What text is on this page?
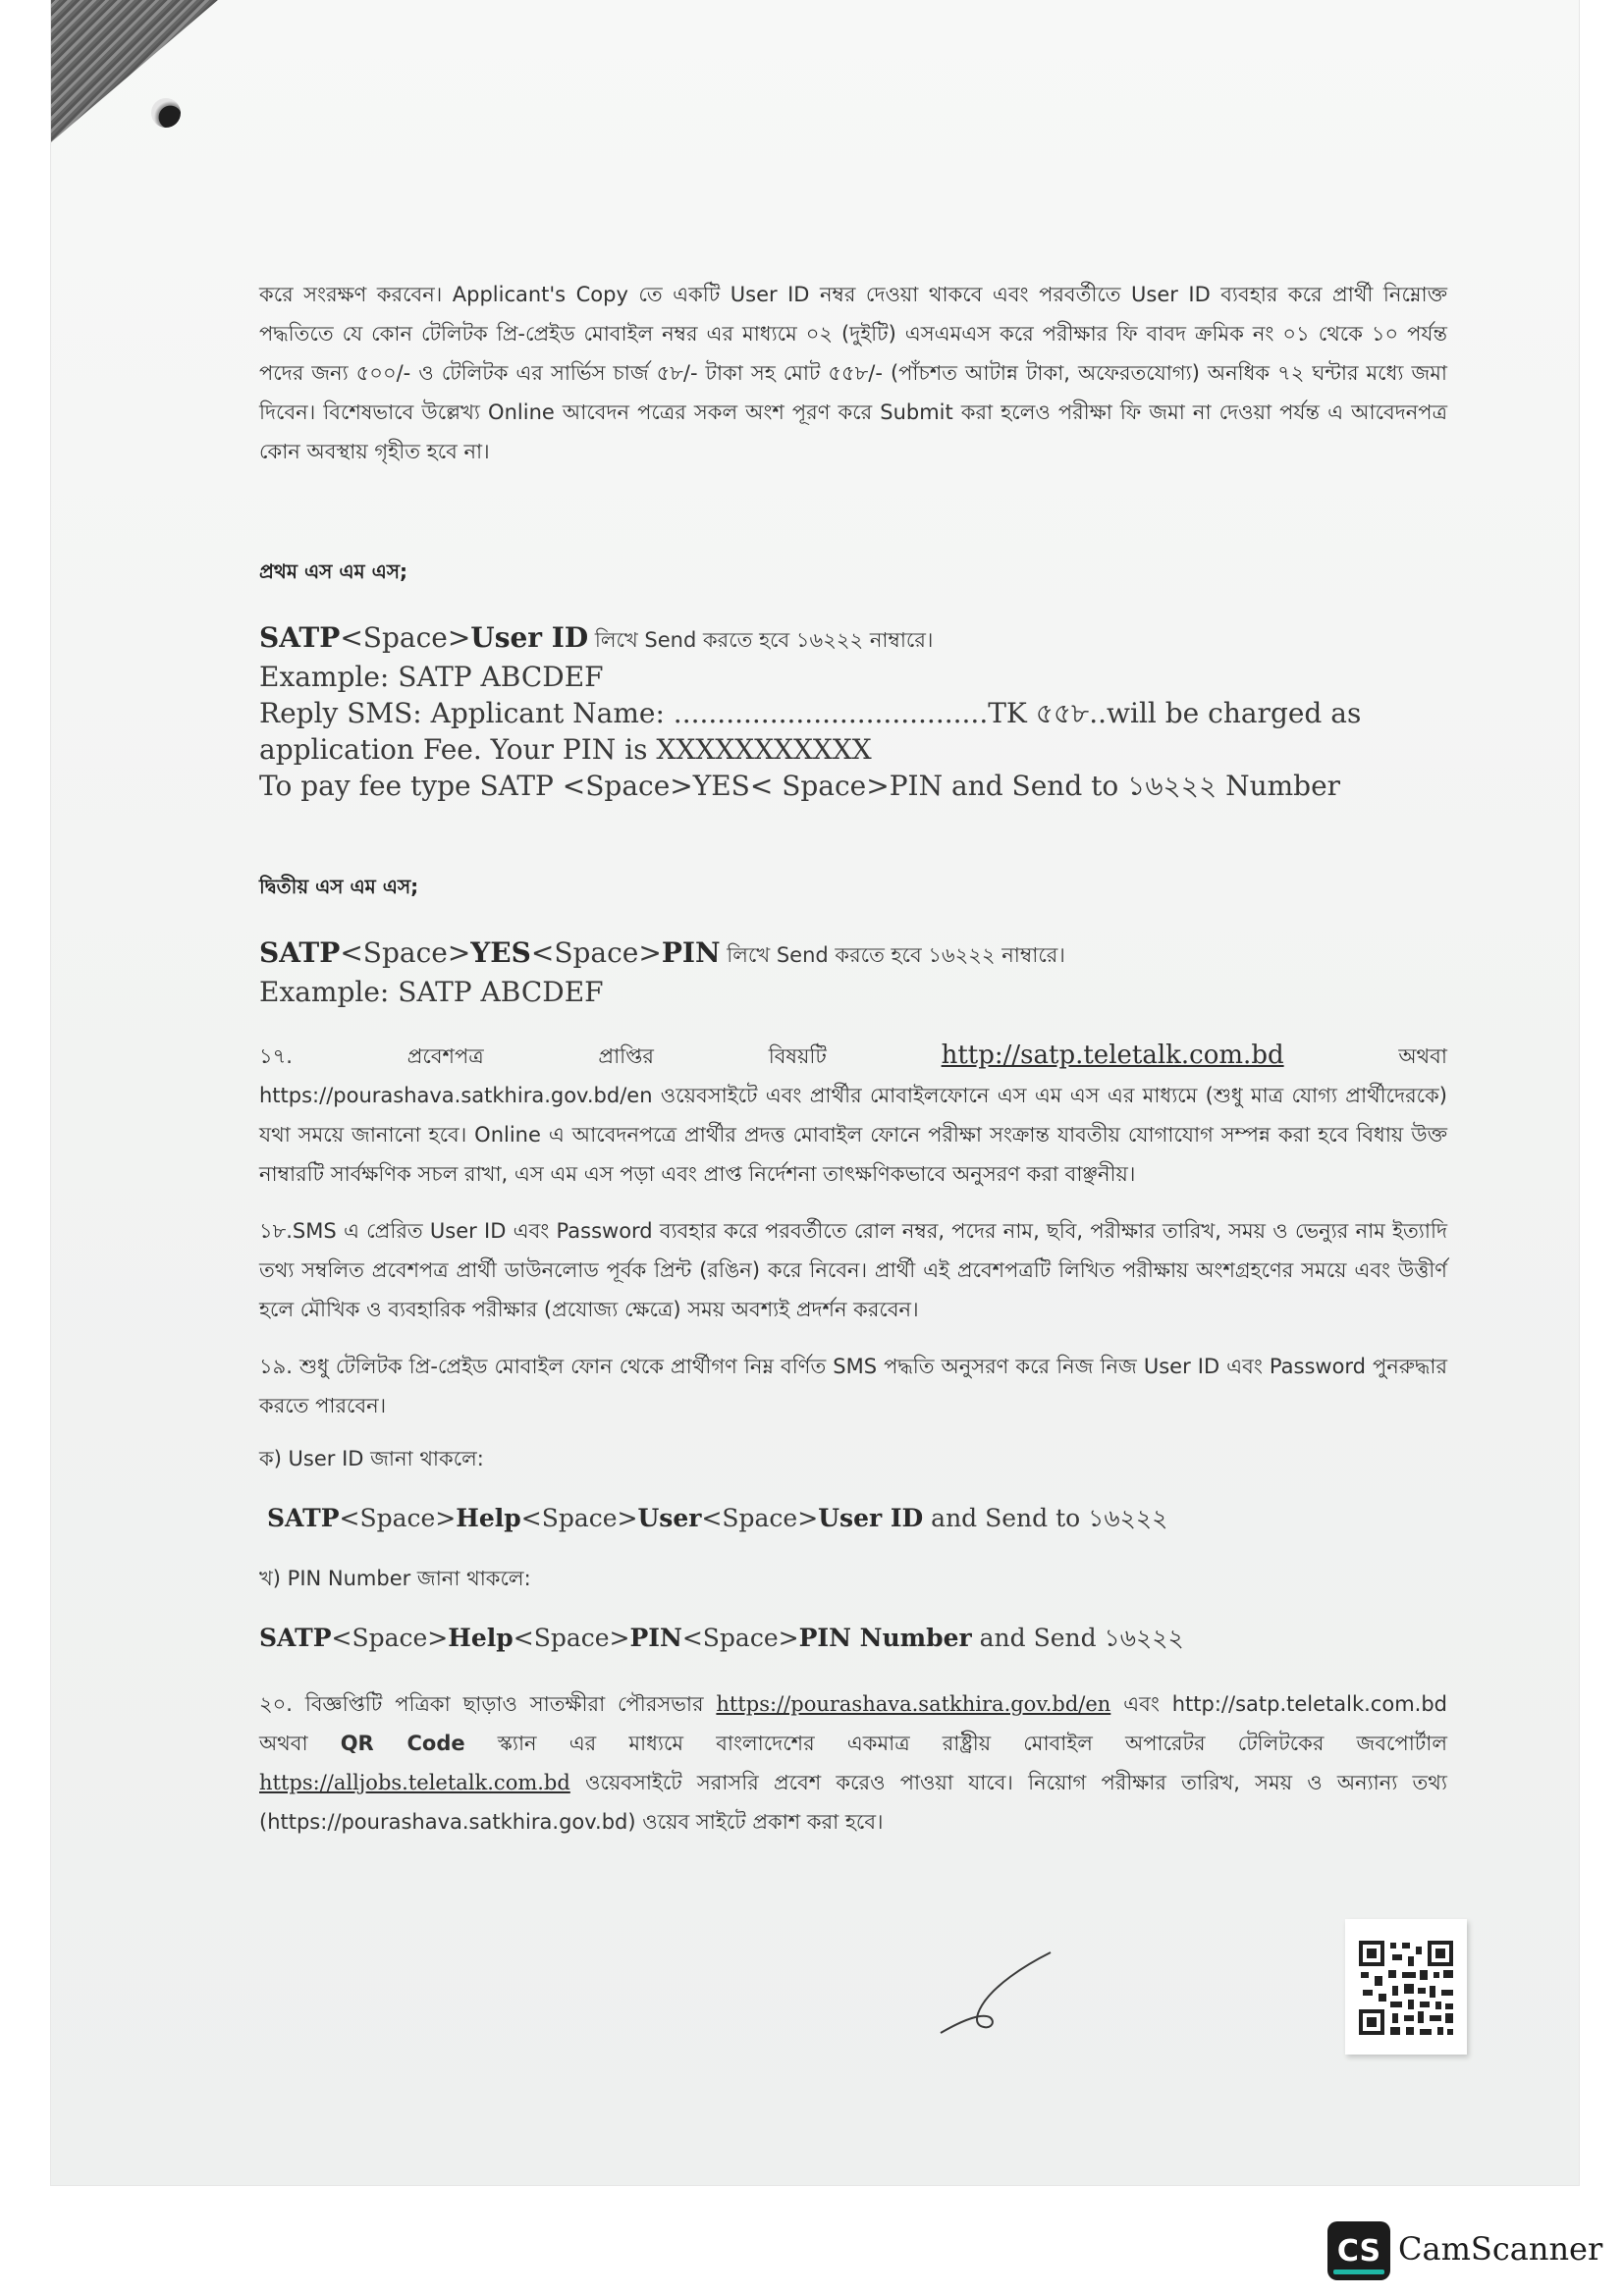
করে সংরক্ষণ করবেন। Applicant's Copy তে একটি User ID নম্বর দেওয়া থাকবে এবং পরবর্তীতে User ID ব্যবহার করে প্রার্থী নিম্নোক্ত পদ্ধতিতে যে কোন টেলিটক প্রি-প্রেইড মোবাইল নম্বর এর মাধ্যমে ০২ (দুইটি) এসএমএস করে পরীক্ষার ফি বাবদ ক্রমিক নং ০১ থেকে ১০ পর্যন্ত পদের জন্য ৫০০/- ও টেলিটক এর সার্ভিস চার্জ ৫৮/- টাকা সহ মোট ৫৫৮/- (পাঁচশত আটান্ন টাকা, অফেরতযোগ্য) অনধিক ৭২ ঘন্টার মধ্যে জমা দিবেন। বিশেষভাবে উল্লেখ্য Online আবেদন পত্রের সকল অংশ পূরণ করে Submit করা হলেও পরীক্ষা ফি জমা না দেওয়া পর্যন্ত এ আবেদনপত্র কোন অবস্থায় গৃহীত হবে না।

প্রথম এস এম এস;

SATP<Space>User ID লিখে Send করতে হবে ১৬২২২ নাম্বারে।
Example: SATP ABCDEF
Reply SMS: Applicant Name: ....................................TK ৫৫৮..will be charged as application Fee. Your PIN is XXXXXXXXXXX
To pay fee type SATP <Space>YES< Space>PIN and Send to ১৬২২২ Number

দ্বিতীয় এস এম এস;

SATP<Space>YES<Space>PIN লিখে Send করতে হবে ১৬২২২ নাম্বারে।
Example: SATP ABCDEF
১৭.	প্রবেশপত্র	প্রাপ্তির	বিষয়টি	http://satp.teletalk.com.bd	অথবা
https://pourashava.satkhira.gov.bd/en ওয়েবসাইটে এবং প্রার্থীর মোবাইলফোনে এস এম এস এর মাধ্যমে (শুধু মাত্র যোগ্য প্রার্থীদেরকে) যথা সময়ে জানানো হবে। Online এ আবেদনপত্রে প্রার্থীর প্রদত্ত মোবাইল ফোনে পরীক্ষা সংক্রান্ত যাবতীয় যোগাযোগ সম্পন্ন করা হবে বিধায় উক্ত নাম্বারটি সার্বক্ষণিক সচল রাখা, এস এম এস পড়া এবং প্রাপ্ত নির্দেশনা তাৎক্ষণিকভাবে অনুসরণ করা বাঞ্ছনীয়।

১৮.SMS এ প্রেরিত User ID এবং Password ব্যবহার করে পরবর্তীতে রোল নম্বর, পদের নাম, ছবি, পরীক্ষার তারিখ, সময় ও ভেন্যুর নাম ইত্যাদি তথ্য সম্বলিত প্রবেশপত্র প্রার্থী ডাউনলোড পূর্বক প্রিন্ট (রঙিন) করে নিবেন। প্রার্থী এই প্রবেশপত্রটি লিখিত পরীক্ষায় অংশগ্রহণের সময়ে এবং উত্তীর্ণ হলে মৌখিক ও ব্যবহারিক পরীক্ষার (প্রযোজ্য ক্ষেত্রে) সময় অবশ্যই প্রদর্শন করবেন।

১৯. শুধু টেলিটক প্রি-প্রেইড মোবাইল ফোন থেকে প্রার্থীগণ নিম্ন বর্ণিত SMS পদ্ধতি অনুসরণ করে নিজ নিজ User ID এবং Password পুনরুদ্ধার করতে পারবেন।

ক) User ID জানা থাকলে:

SATP<Space>Help<Space>User<Space>User ID and Send to ১৬২২২

খ) PIN Number জানা থাকলে:

SATP<Space>Help<Space>PIN<Space>PIN Number and Send ১৬২২২

২০. বিজ্ঞপ্তিটি পত্রিকা ছাড়াও সাতক্ষীরা পৌরসভার https://pourashava.satkhira.gov.bd/en এবং http://satp.teletalk.com.bd অথবা QR Code স্ক্যান এর মাধ্যমে বাংলাদেশের একমাত্র রাষ্ট্রীয় মোবাইল অপারেটর টেলিটকের জবপোর্টাল https://alljobs.teletalk.com.bd ওয়েবসাইটে সরাসরি প্রবেশ করেও পাওয়া যাবে। নিয়োগ পরীক্ষার তারিখ, সময় ও অন্যান্য তথ্য (https://pourashava.satkhira.gov.bd) ওয়েব সাইটে প্রকাশ করা হবে।

CS CamScanner
